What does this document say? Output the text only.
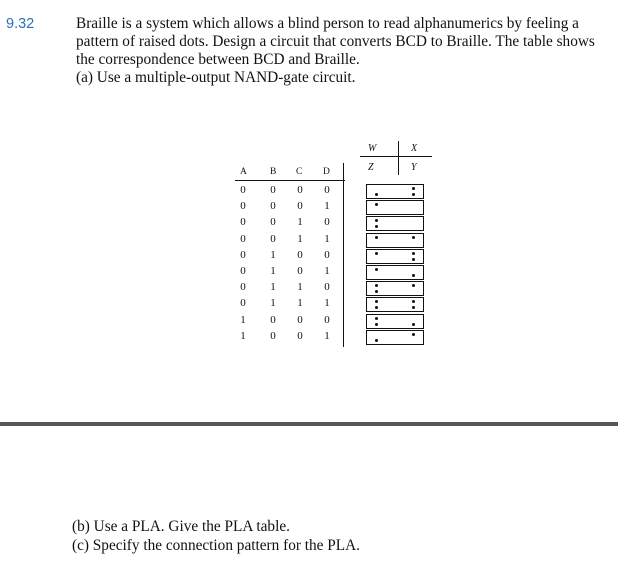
9.32	Braille is a system which allows a blind person to read alphanumerics by feeling a
pattern of raised dots. Design a circuit that converts BCD to Braille. The table shows
the correspondence between BCD and Braille.
(a) Use a multiple-output NAND-gate circuit.
A B C D
0	0	0	0
0	0	0	1
0	0	1	0
0	0	1	1
0	1	0	0
0	1	0	1
0	1	1	0
0	1	1	1
1	0	0	0
1	0	0	1
W	X
Z	Y
(b) Use a PLA. Give the PLA table.
(c) Specify the connection pattern for the PLA.
